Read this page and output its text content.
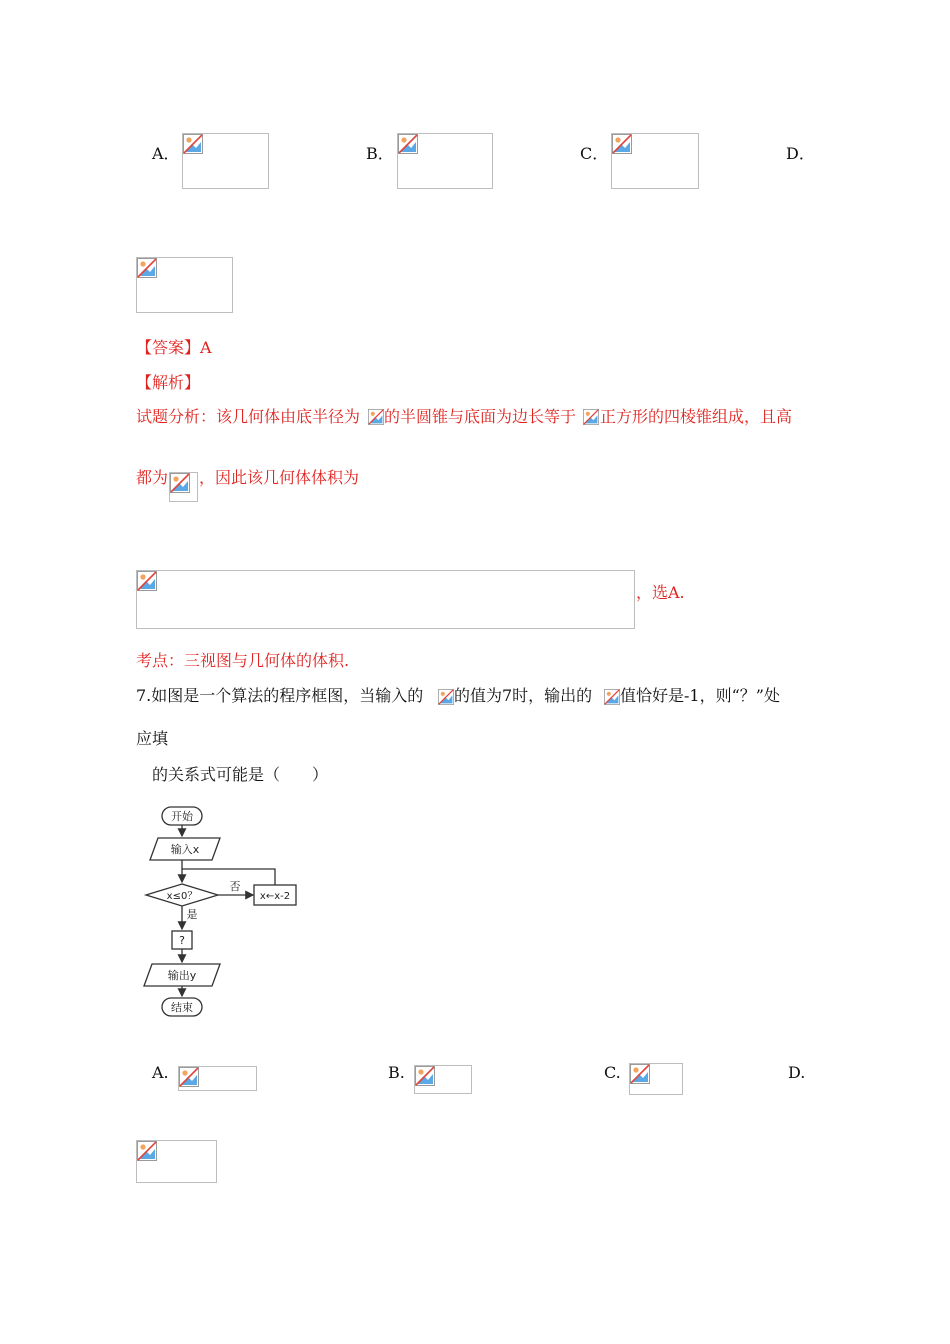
A．	B．	C．	D．
【答案】A
【解析】
试题分析：该几何体由底半径为 的半圆锥与底面为边长等于 正方形的四棱锥组成，且高
都为 ，因此该几何体体积为
，选A.
考点：三视图与几何体的体积.
7.如图是一个算法的程序框图，当输入的 的值为7时，输出的 值恰好是-1，则“？”处
应填
的关系式可能是（　　）
开始
输入x
x≤0？
否
x←x-2
是
?
输出y
结束
A.	B.	C.	D.
